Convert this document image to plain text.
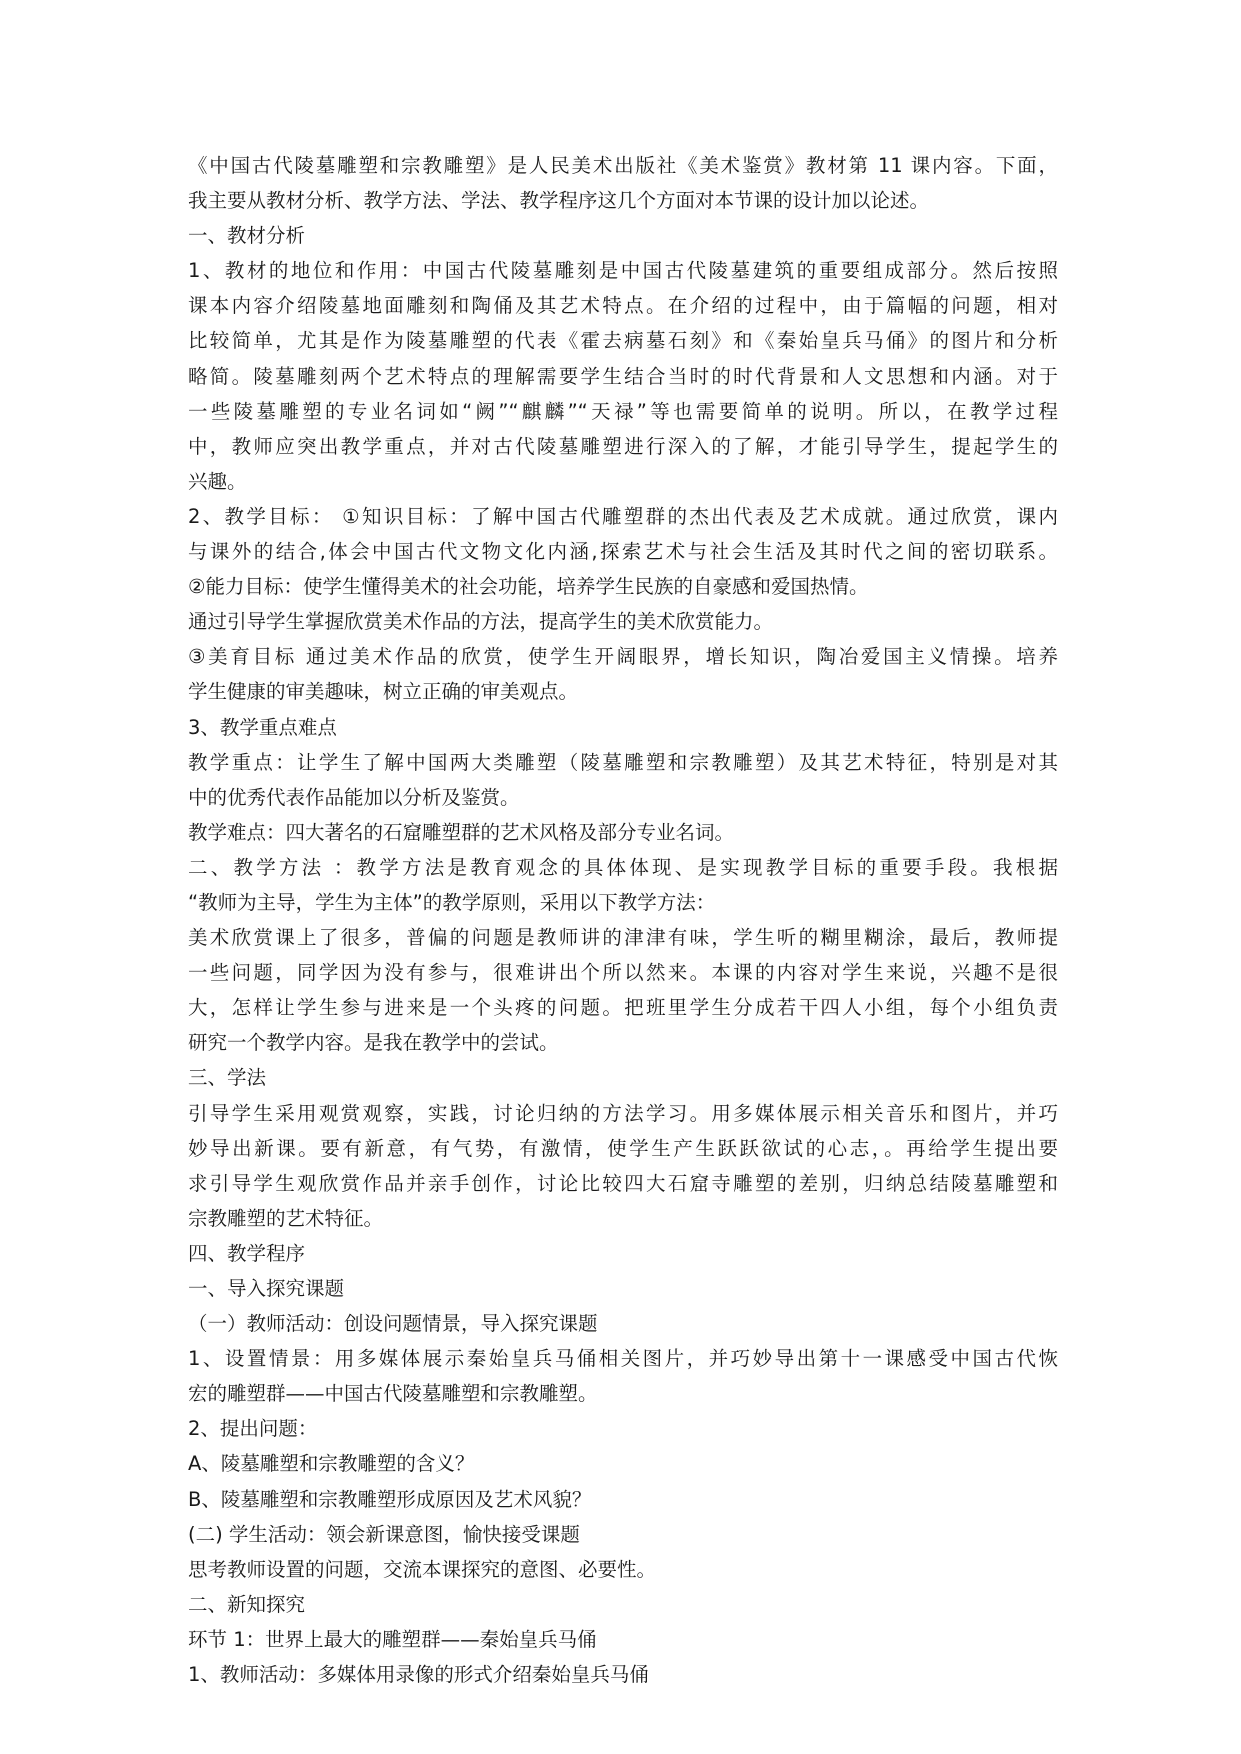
《中国古代陵墓雕塑和宗教雕塑》是人民美术出版社《美术鉴赏》教材第 11 课内容。下面，

我主要从教材分析、教学方法、学法、教学程序这几个方面对本节课的设计加以论述。

一、教材分析

1、教材的地位和作用：中国古代陵墓雕刻是中国古代陵墓建筑的重要组成部分。然后按照

课本内容介绍陵墓地面雕刻和陶俑及其艺术特点。在介绍的过程中，由于篇幅的问题，相对

比较简单，尤其是作为陵墓雕塑的代表《霍去病墓石刻》和《秦始皇兵马俑》的图片和分析

略简。陵墓雕刻两个艺术特点的理解需要学生结合当时的时代背景和人文思想和内涵。对于

一些陵墓雕塑的专业名词如“阙”“麒麟”“天禄”等也需要简单的说明。所以，在教学过程

中，教师应突出教学重点，并对古代陵墓雕塑进行深入的了解，才能引导学生，提起学生的

兴趣。

2、教学目标： ①知识目标：了解中国古代雕塑群的杰出代表及艺术成就。通过欣赏，课内

与课外的结合,体会中国古代文物文化内涵,探索艺术与社会生活及其时代之间的密切联系。

②能力目标：使学生懂得美术的社会功能，培养学生民族的自豪感和爱国热情。

通过引导学生掌握欣赏美术作品的方法，提高学生的美术欣赏能力。

③美育目标 通过美术作品的欣赏，使学生开阔眼界，增长知识，陶冶爱国主义情操。培养

学生健康的审美趣味，树立正确的审美观点。

3、教学重点难点

教学重点：让学生了解中国两大类雕塑（陵墓雕塑和宗教雕塑）及其艺术特征，特别是对其

中的优秀代表作品能加以分析及鉴赏。

教学难点：四大著名的石窟雕塑群的艺术风格及部分专业名词。

二、教学方法 ：教学方法是教育观念的具体体现、是实现教学目标的重要手段。我根据

“教师为主导，学生为主体”的教学原则，采用以下教学方法：

美术欣赏课上了很多，普偏的问题是教师讲的津津有味，学生听的糊里糊涂，最后，教师提

一些问题，同学因为没有参与，很难讲出个所以然来。本课的内容对学生来说，兴趣不是很

大，怎样让学生参与进来是一个头疼的问题。把班里学生分成若干四人小组，每个小组负责

研究一个教学内容。是我在教学中的尝试。

三、学法

引导学生采用观赏观察，实践，讨论归纳的方法学习。用多媒体展示相关音乐和图片，并巧

妙导出新课。要有新意，有气势，有激情，使学生产生跃跃欲试的心志，。再给学生提出要

求引导学生观欣赏作品并亲手创作，讨论比较四大石窟寺雕塑的差别，归纳总结陵墓雕塑和

宗教雕塑的艺术特征。

四、教学程序

一、导入探究课题

（一）教师活动：创设问题情景，导入探究课题

1、设置情景：用多媒体展示秦始皇兵马俑相关图片，并巧妙导出第十一课感受中国古代恢

宏的雕塑群——中国古代陵墓雕塑和宗教雕塑。

2、提出问题：

A、陵墓雕塑和宗教雕塑的含义？

B、陵墓雕塑和宗教雕塑形成原因及艺术风貌？

(二) 学生活动：领会新课意图，愉快接受课题

思考教师设置的问题，交流本课探究的意图、必要性。

二、新知探究

环节 1：世界上最大的雕塑群——秦始皇兵马俑

1、教师活动：多媒体用录像的形式介绍秦始皇兵马俑
